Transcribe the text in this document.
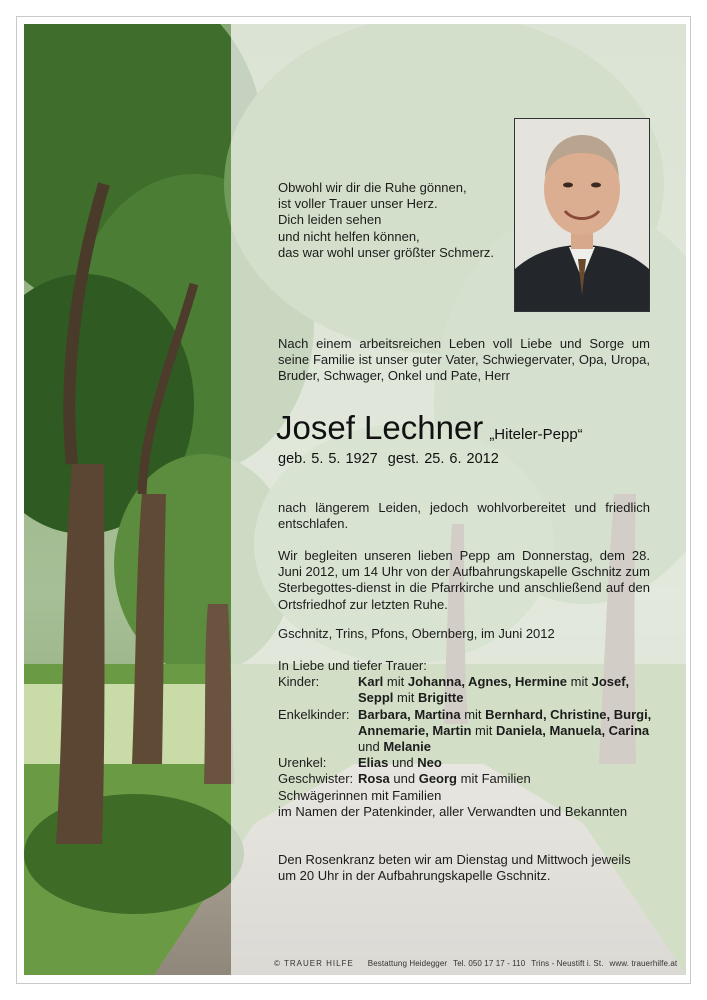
Obwohl wir dir die Ruhe gönnen,
ist voller Trauer unser Herz.
Dich leiden sehen
und nicht helfen können,
das war wohl unser größter Schmerz.
Nach einem arbeitsreichen Leben voll Liebe und Sorge um seine Familie ist unser guter Vater, Schwiegervater, Opa, Uropa, Bruder, Schwager, Onkel und Pate, Herr
Josef Lechner „Hiteler-Pepp“
geb. 5. 5. 1927 gest. 25. 6. 2012
nach längerem Leiden, jedoch wohlvorbereitet und friedlich entschlafen.
Wir begleiten unseren lieben Pepp am Donnerstag, dem 28. Juni 2012, um 14 Uhr von der Aufbahrungskapelle Gschnitz zum Sterbegottes-dienst in die Pfarrkirche und anschließend auf den Ortsfriedhof zur letzten Ruhe.
Gschnitz, Trins, Pfons, Obernberg, im Juni 2012
In Liebe und tiefer Trauer:
Kinder:	Karl mit Johanna, Agnes, Hermine mit Josef, Seppl mit Brigitte
Enkelkinder: Barbara, Martina mit Bernhard, Christine, Burgi, Annemarie, Martin mit Daniela, Manuela, Carina und Melanie
Urenkel:	Elias und Neo
Geschwister: Rosa und Georg mit Familien
Schwägerinnen mit Familien
im Namen der Patenkinder, aller Verwandten und Bekannten
Den Rosenkranz beten wir am Dienstag und Mittwoch jeweils um 20 Uhr in der Aufbahrungskapelle Gschnitz.
© TRAUER HILFE Bestattung Heidegger Tel. 050 17 17 - 110 Trins - Neustift i. St. www. trauerhilfe.at
